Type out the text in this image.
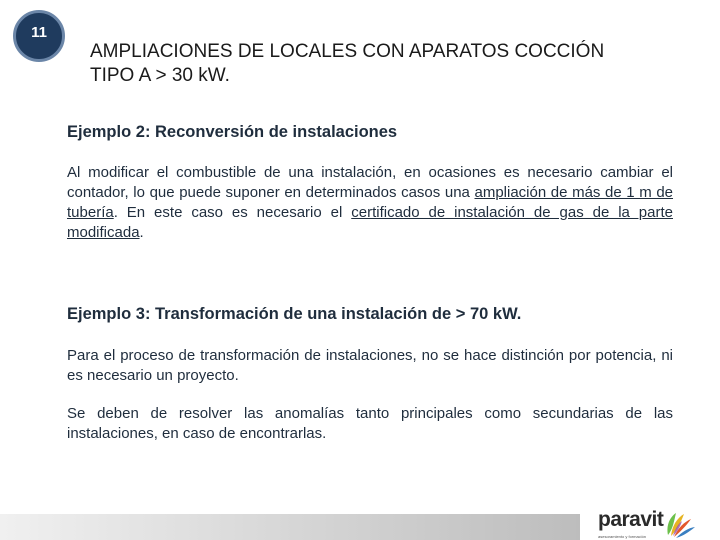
11
AMPLIACIONES DE LOCALES CON APARATOS COCCIÓN
TIPO A > 30 kW.
Ejemplo 2: Reconversión de instalaciones

Al modificar el combustible de una instalación, en ocasiones es necesario cambiar el contador, lo que puede suponer en determinados casos una ampliación de más de 1 m de tubería. En este caso es necesario el certificado de instalación de gas de la parte modificada.

Ejemplo 3: Transformación de una instalación de > 70 kW.

Para el proceso de transformación de instalaciones, no se hace distinción por potencia, ni es necesario un proyecto.

Se deben de resolver las anomalías tanto principales como secundarias de las instalaciones, en caso de encontrarlas.

paravit
asesoramiento y formación
